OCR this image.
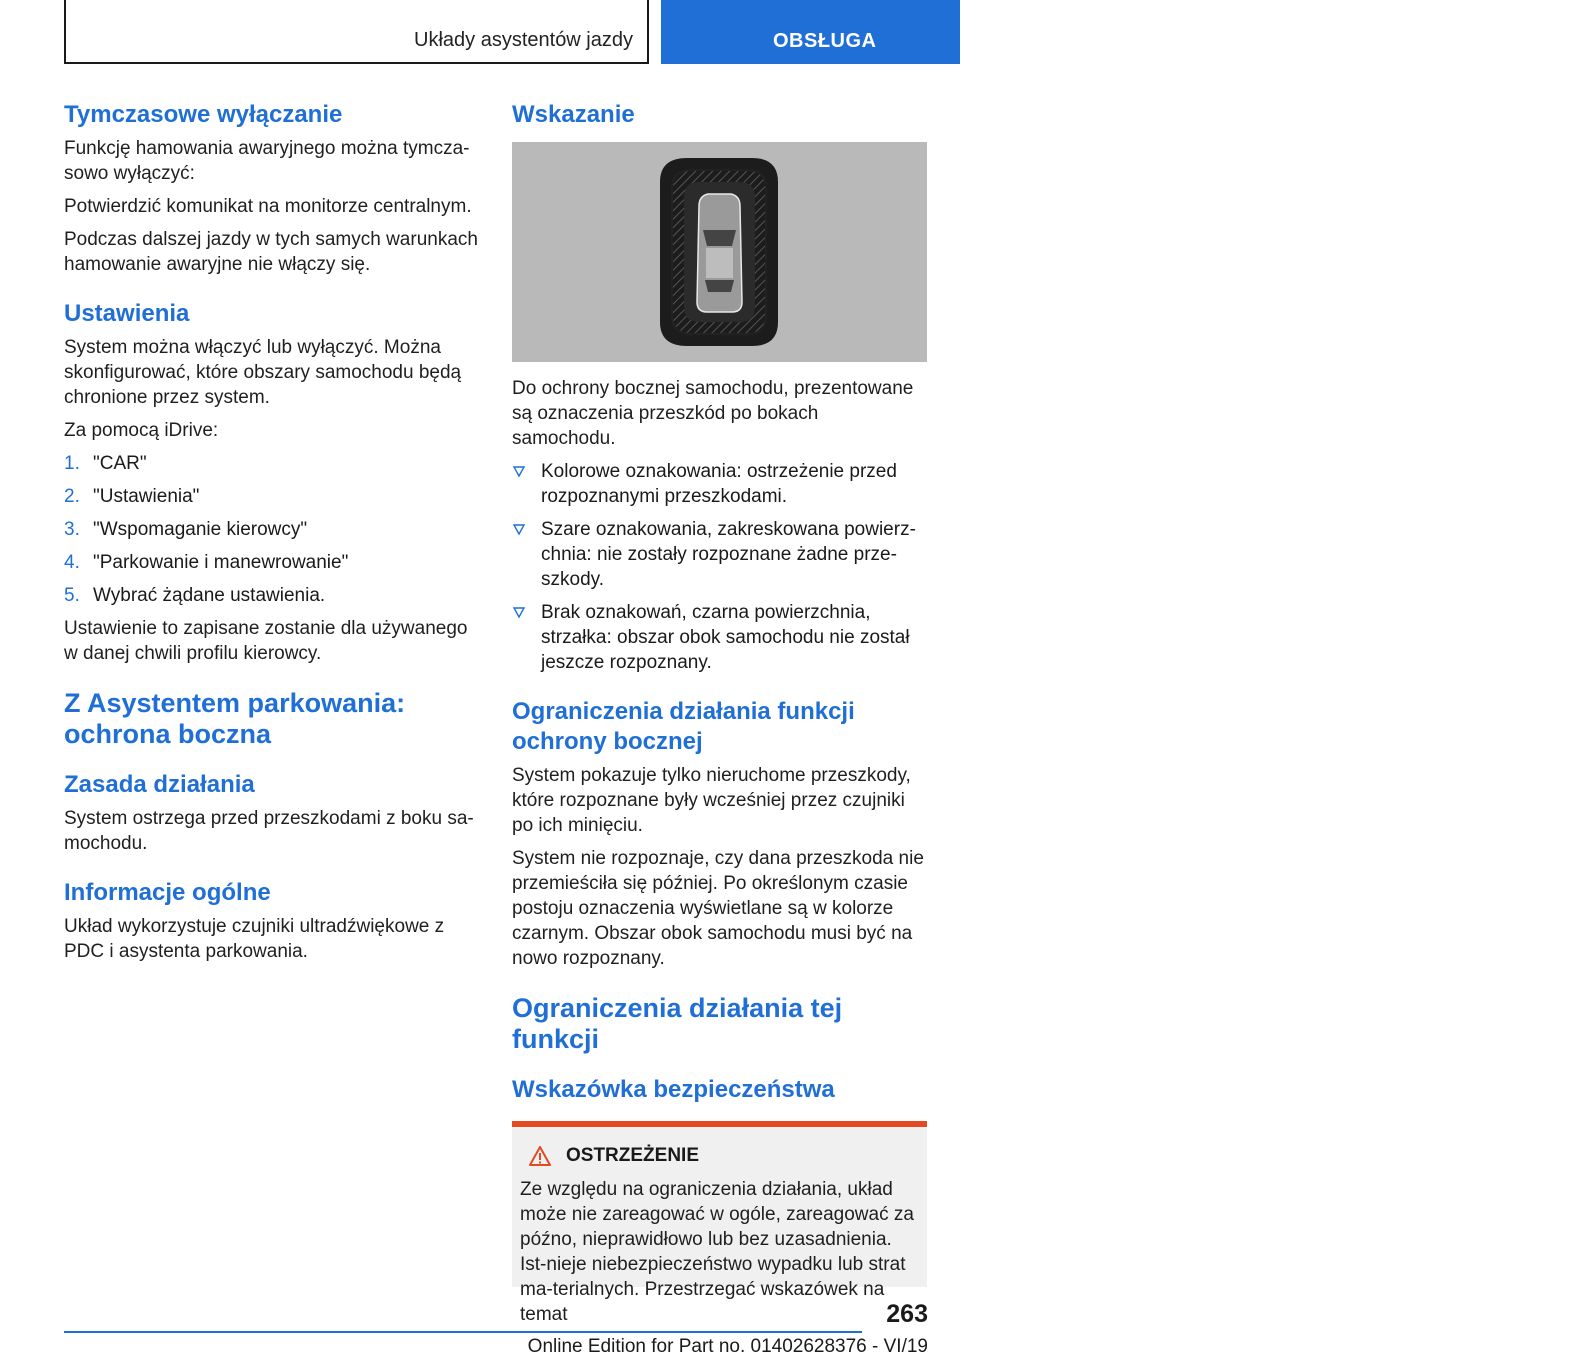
Układy asystentów jazdy	OBSŁUGA
Tymczasowe wyłączanie

Funkcję hamowania awaryjnego można tymcza-sowo wyłączyć:

Potwierdzić komunikat na monitorze centralnym.

Podczas dalszej jazdy w tych samych warunkach hamowanie awaryjne nie włączy się.

Ustawienia

System można włączyć lub wyłączyć. Można skonfigurować, które obszary samochodu będą chronione przez system.

Za pomocą iDrive:

1. "CAR"
2. "Ustawienia"
3. "Wspomaganie kierowcy"
4. "Parkowanie i manewrowanie"
5. Wybrać żądane ustawienia.

Ustawienie to zapisane zostanie dla używanego w danej chwili profilu kierowcy.

Z Asystentem parkowania: ochrona boczna
Zasada działania

System ostrzega przed przeszkodami z boku sa-mochodu.

Informacje ogólne

Układ wykorzystuje czujniki ultradźwiękowe z PDC i asystenta parkowania.

Wskazanie

Do ochrony bocznej samochodu, prezentowane są oznaczenia przeszkód po bokach samochodu.

Kolorowe oznakowania: ostrzeżenie przed rozpoznanymi przeszkodami.
Szare oznakowania, zakreskowana powierz-chnia: nie zostały rozpoznane żadne prze-szkody.
Brak oznakowań, czarna powierzchnia, strzałka: obszar obok samochodu nie został jeszcze rozpoznany.
Ograniczenia działania funkcji ochrony bocznej

System pokazuje tylko nieruchome przeszkody, które rozpoznane były wcześniej przez czujniki po ich minięciu.

System nie rozpoznaje, czy dana przeszkoda nie przemieściła się później. Po określonym czasie postoju oznaczenia wyświetlane są w kolorze czarnym. Obszar obok samochodu musi być na nowo rozpoznany.

Ograniczenia działania tej funkcji
Wskazówka bezpieczeństwa
OSTRZEŻENIE

Ze względu na ograniczenia działania, układ może nie zareagować w ogóle, zareagować za późno, nieprawidłowo lub bez uzasadnienia. Ist-nieje niebezpieczeństwo wypadku lub strat ma-terialnych. Przestrzegać wskazówek na temat	263
Online Edition for Part no. 01402628376 - VI/19
